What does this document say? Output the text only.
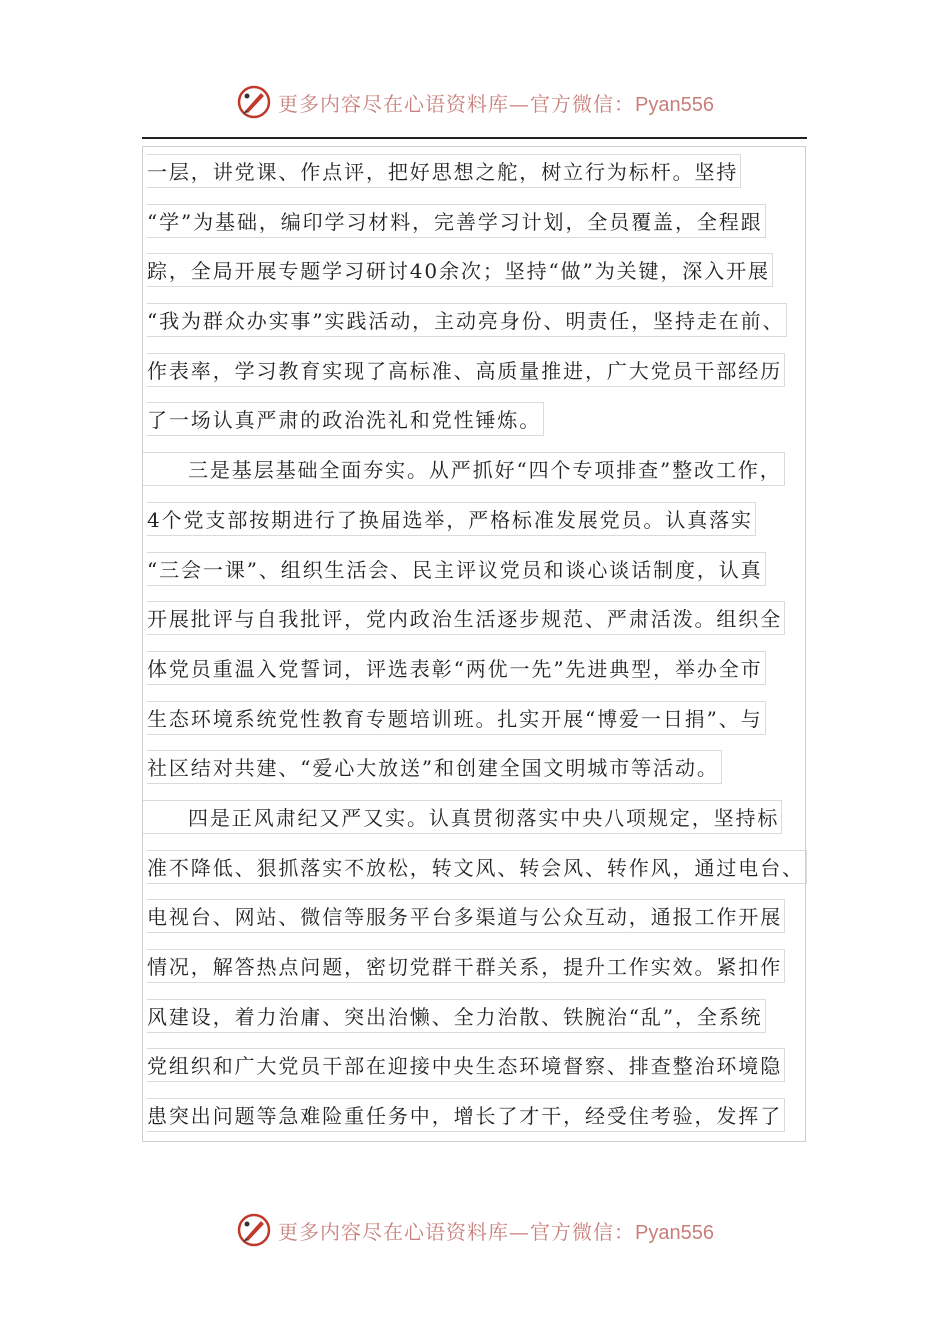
更多内容尽在心语资料库—官方微信：Pyan556
一层，讲党课、作点评，把好思想之舵，树立行为标杆。坚持
“学”为基础，编印学习材料，完善学习计划，全员覆盖，全程跟
踪，全局开展专题学习研讨40余次；坚持“做”为关键，深入开展
“我为群众办实事”实践活动，主动亮身份、明责任，坚持走在前、
作表率，学习教育实现了高标准、高质量推进，广大党员干部经历
了一场认真严肃的政治洗礼和党性锤炼。
三是基层基础全面夯实。从严抓好“四个专项排查”整改工作，
4个党支部按期进行了换届选举，严格标准发展党员。认真落实
“三会一课”、组织生活会、民主评议党员和谈心谈话制度，认真
开展批评与自我批评，党内政治生活逐步规范、严肃活泼。组织全
体党员重温入党誓词，评选表彰“两优一先”先进典型，举办全市
生态环境系统党性教育专题培训班。扎实开展“博爱一日捐”、与
社区结对共建、“爱心大放送”和创建全国文明城市等活动。
四是正风肃纪又严又实。认真贯彻落实中央八项规定，坚持标
准不降低、狠抓落实不放松，转文风、转会风、转作风，通过电台、
电视台、网站、微信等服务平台多渠道与公众互动，通报工作开展
情况，解答热点问题，密切党群干群关系，提升工作实效。紧扣作
风建设，着力治庸、突出治懒、全力治散、铁腕治“乱”，全系统
党组织和广大党员干部在迎接中央生态环境督察、排查整治环境隐
患突出问题等急难险重任务中，增长了才干，经受住考验，发挥了
更多内容尽在心语资料库—官方微信：Pyan556
